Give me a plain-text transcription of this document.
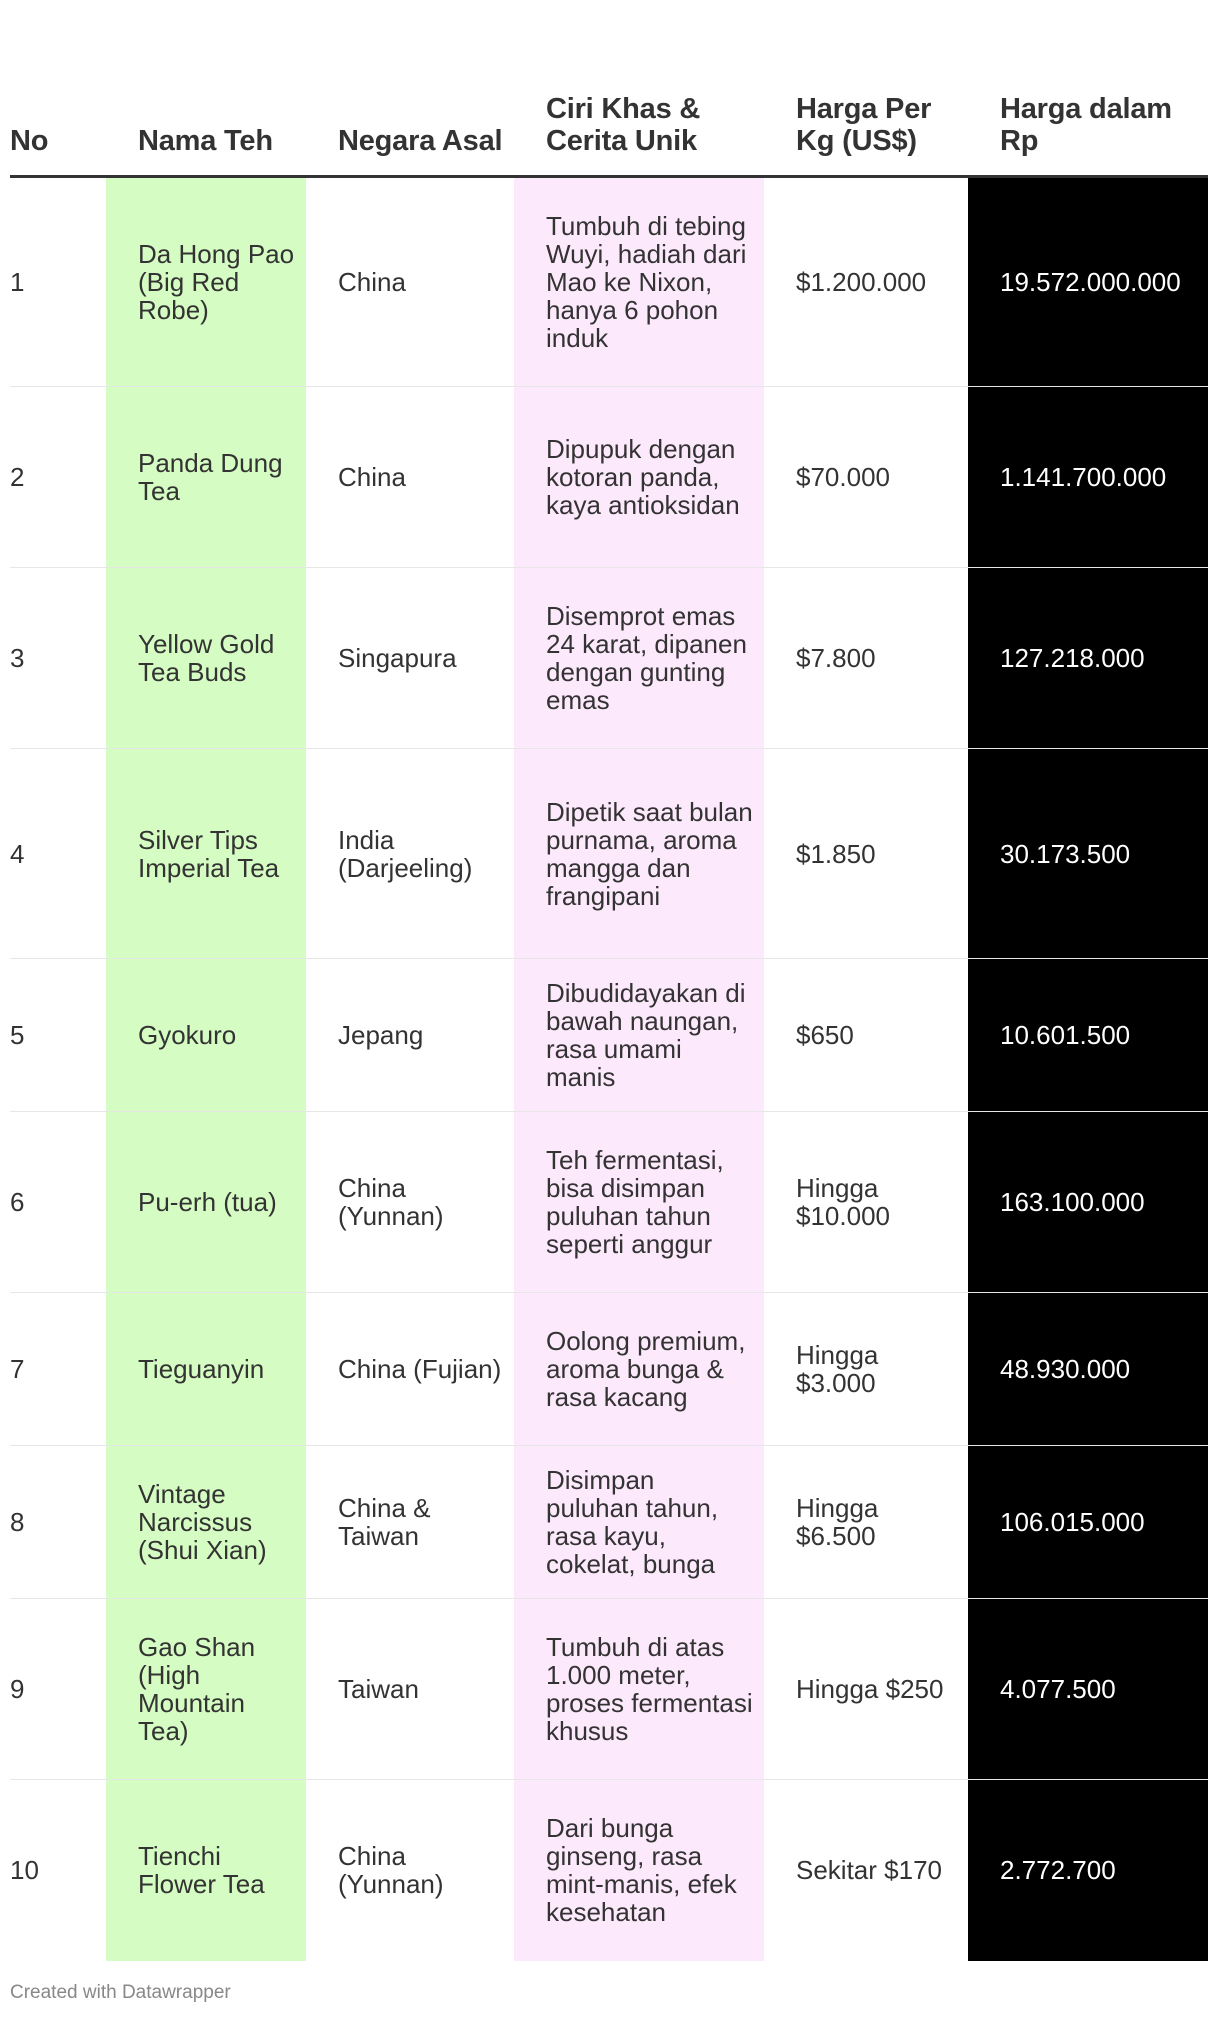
No	Nama Teh	Negara Asal	Ciri Khas & Cerita Unik	Harga Per Kg (US$)	Harga dalam Rp
1	Da Hong Pao (Big Red Robe)	China	Tumbuh di tebing Wuyi, hadiah dari Mao ke Nixon, hanya 6 pohon induk	$1.200.000	19.572.000.000
2	Panda Dung Tea	China	Dipupuk dengan kotoran panda, kaya antioksidan	$70.000	1.141.700.000
3	Yellow Gold Tea Buds	Singapura	Disemprot emas 24 karat, dipanen dengan gunting emas	$7.800	127.218.000
4	Silver Tips Imperial Tea	India (Darjeeling)	Dipetik saat bulan purnama, aroma mangga dan frangipani	$1.850	30.173.500
5	Gyokuro	Jepang	Dibudidayakan di bawah naungan, rasa umami manis	$650	10.601.500
6	Pu-erh (tua)	China (Yunnan)	Teh fermentasi, bisa disimpan puluhan tahun seperti anggur	Hingga $10.000	163.100.000
7	Tieguanyin	China (Fujian)	Oolong premium, aroma bunga & rasa kacang	Hingga $3.000	48.930.000
8	Vintage Narcissus (Shui Xian)	China & Taiwan	Disimpan puluhan tahun, rasa kayu, cokelat, bunga	Hingga $6.500	106.015.000
9	Gao Shan (High Mountain Tea)	Taiwan	Tumbuh di atas 1.000 meter, proses fermentasi khusus	Hingga $250	4.077.500
10	Tienchi Flower Tea	China (Yunnan)	Dari bunga ginseng, rasa mint-manis, efek kesehatan	Sekitar $170	2.772.700
Created with Datawrapper
